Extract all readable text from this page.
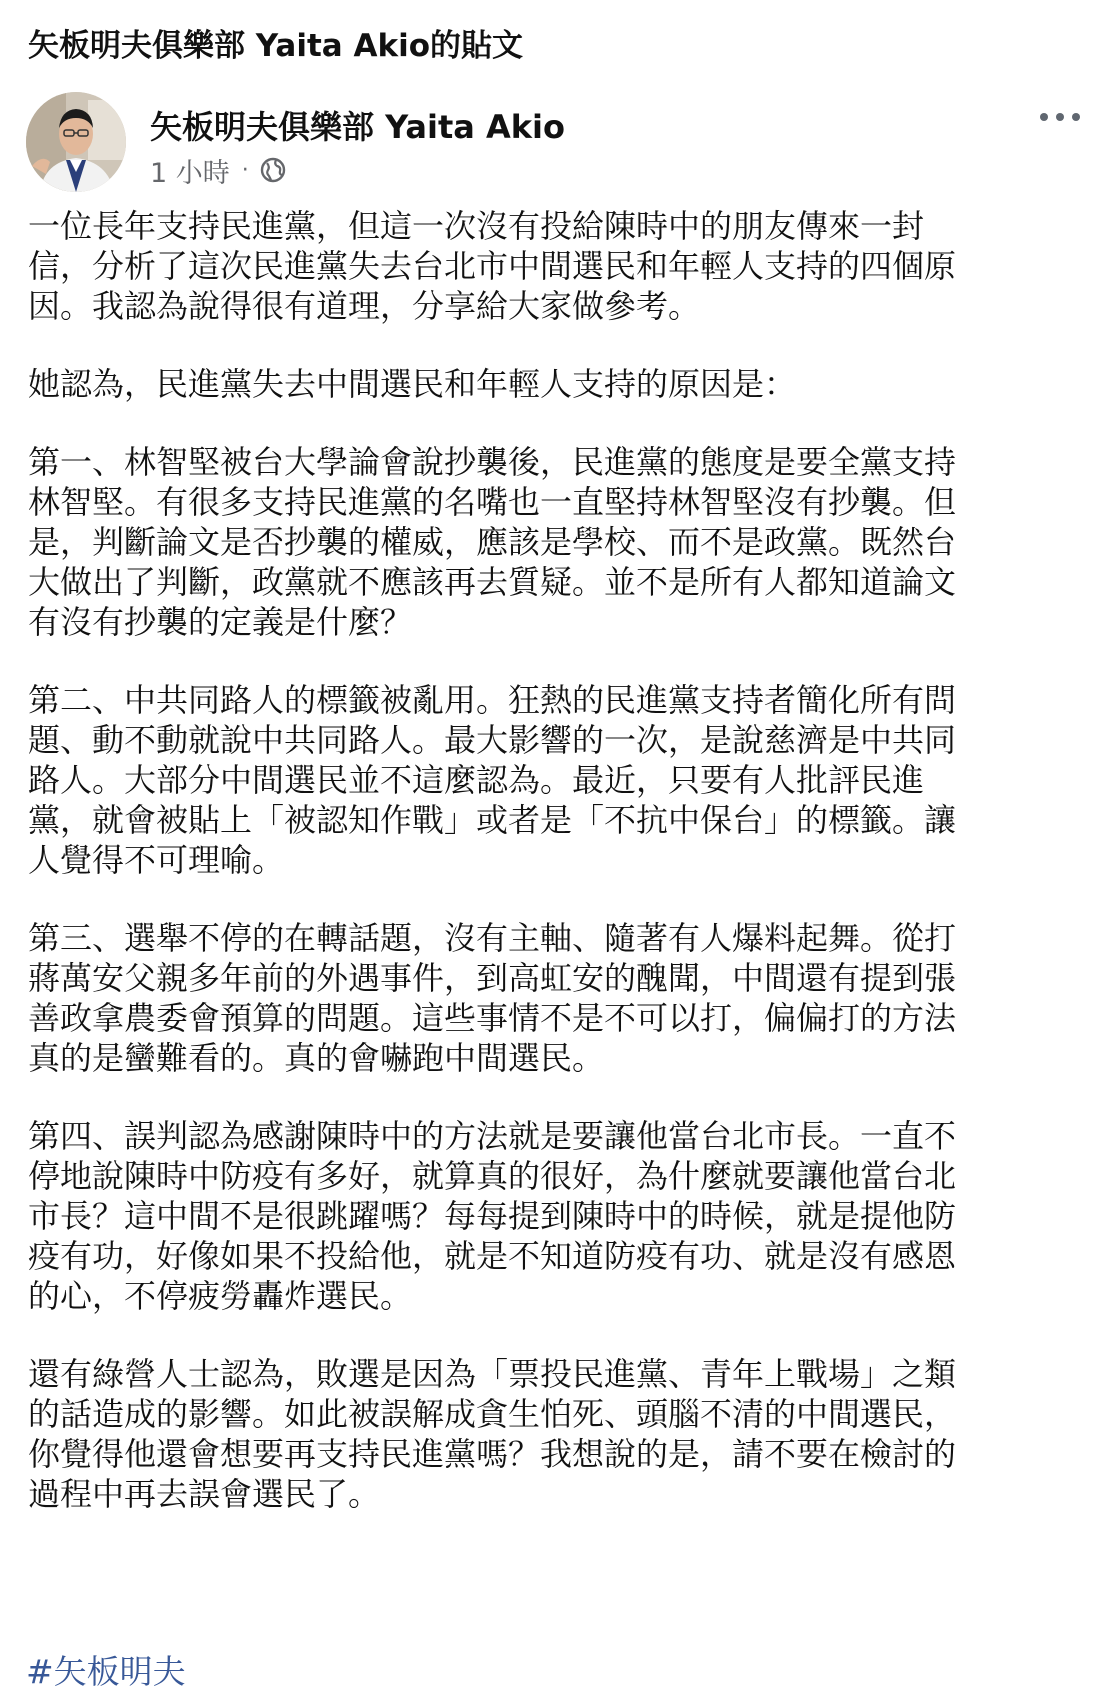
矢板明夫俱樂部 Yaita Akio的貼文
矢板明夫俱樂部 Yaita Akio
1 小時 ·

一位長年支持民進黨，但這一次沒有投給陳時中的朋友傳來一封
信，分析了這次民進黨失去台北市中間選民和年輕人支持的四個原
因。我認為說得很有道理，分享給大家做參考。

她認為，民進黨失去中間選民和年輕人支持的原因是：

第一、林智堅被台大學論會說抄襲後，民進黨的態度是要全黨支持
林智堅。有很多支持民進黨的名嘴也一直堅持林智堅沒有抄襲。但
是，判斷論文是否抄襲的權威，應該是學校、而不是政黨。既然台
大做出了判斷，政黨就不應該再去質疑。並不是所有人都知道論文
有沒有抄襲的定義是什麼？

第二、中共同路人的標籤被亂用。狂熱的民進黨支持者簡化所有問
題、動不動就說中共同路人。最大影響的一次，是說慈濟是中共同
路人。大部分中間選民並不這麼認為。最近，只要有人批評民進
黨，就會被貼上「被認知作戰」或者是「不抗中保台」的標籤。讓
人覺得不可理喻。

第三、選舉不停的在轉話題，沒有主軸、隨著有人爆料起舞。從打
蔣萬安父親多年前的外遇事件，到高虹安的醜聞，中間還有提到張
善政拿農委會預算的問題。這些事情不是不可以打，偏偏打的方法
真的是蠻難看的。真的會嚇跑中間選民。

第四、誤判認為感謝陳時中的方法就是要讓他當台北市長。一直不
停地說陳時中防疫有多好，就算真的很好，為什麼就要讓他當台北
市長？這中間不是很跳躍嗎？每每提到陳時中的時候，就是提他防
疫有功，好像如果不投給他，就是不知道防疫有功、就是沒有感恩
的心，不停疲勞轟炸選民。

還有綠營人士認為，敗選是因為「票投民進黨、青年上戰場」之類
的話造成的影響。如此被誤解成貪生怕死、頭腦不清的中間選民，
你覺得他還會想要再支持民進黨嗎？我想說的是，請不要在檢討的
過程中再去誤會選民了。

#矢板明夫
